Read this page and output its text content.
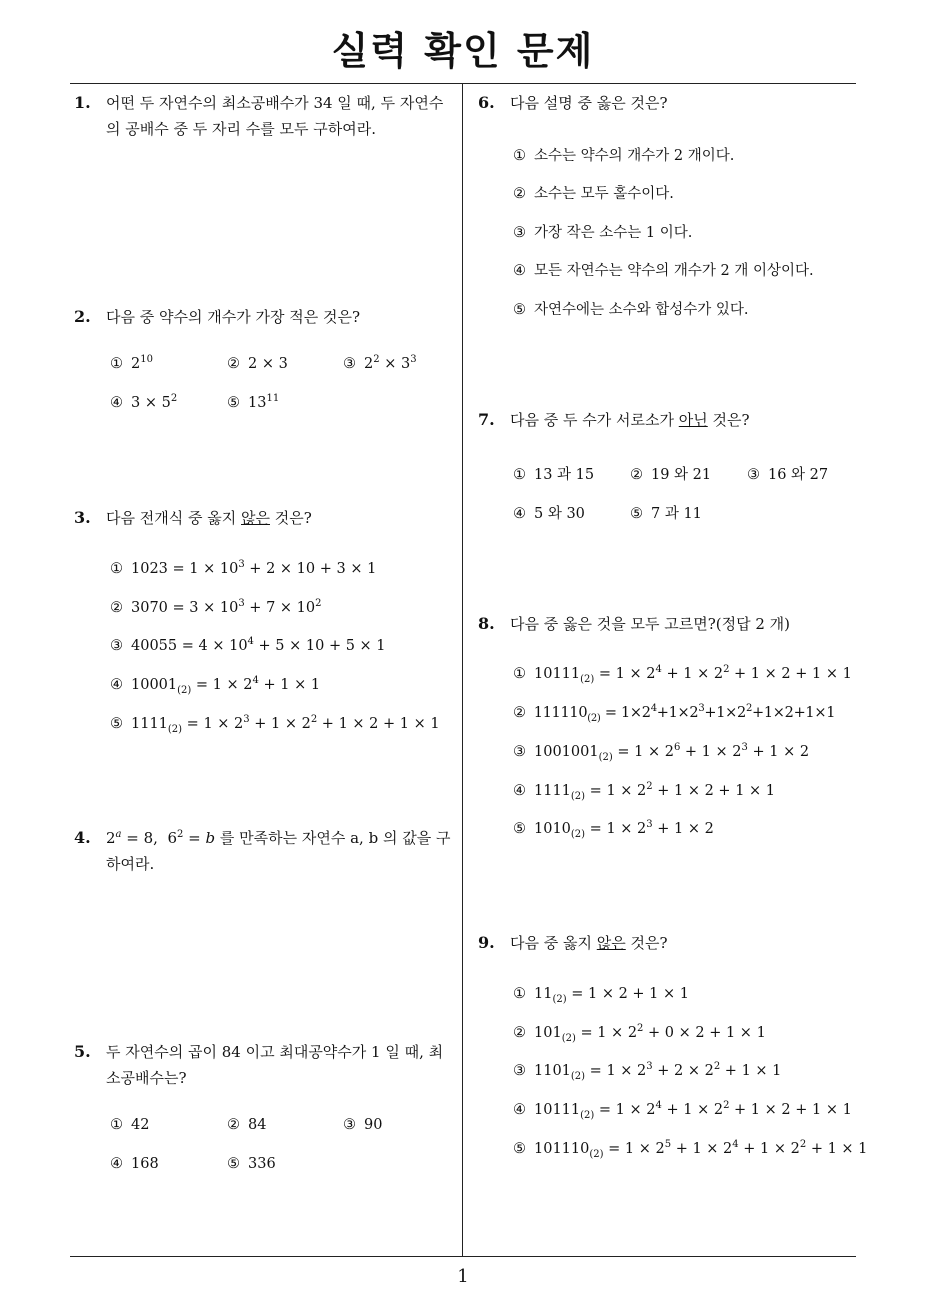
실력 확인 문제
1
1. 어떤 두 자연수의 최소공배수가 34 일 때, 두 자연수의 공배수 중 두 자리 수를 모두 구하여라.
2. 다음 중 약수의 개수가 가장 적은 것은?
① $2^{10}$	② 2 × 3	③ $2^2 \times 3^3$
④ $3 \times 5^2$	⑤ $13^{11}$
3. 다음 전개식 중 옳지 않은 것은?
① $1023 = 1 \times 10^3 + 2 \times 10 + 3 \times 1$
② $3070 = 3 \times 10^3 + 7 \times 10^2$
③ $40055 = 4 \times 10^4 + 5 \times 10 + 5 \times 1$
④ $10001_{(2)} = 1 \times 2^4 + 1 \times 1$
⑤ $1111_{(2)} = 1 \times 2^3 + 1 \times 2^2 + 1 \times 2 + 1 \times 1$
4. $2^a = 8$,  $6^2 = b$ 를 만족하는 자연수 a, b 의 값을 구하여라.
5. 두 자연수의 곱이 84 이고 최대공약수가 1 일 때, 최소공배수는?
① 42	② 84	③ 90
④ 168	⑤ 336
6. 다음 설명 중 옳은 것은?
① 소수는 약수의 개수가 2 개이다.
② 소수는 모두 홀수이다.
③ 가장 작은 소수는 1 이다.
④ 모든 자연수는 약수의 개수가 2 개 이상이다.
⑤ 자연수에는 소수와 합성수가 있다.
7. 다음 중 두 수가 서로소가 아닌 것은?
① 13 과 15 ② 19 와 21 ③ 16 와 27
④ 5 와 30	⑤ 7 과 11
8. 다음 중 옳은 것을 모두 고르면?(정답 2 개)
① $10111_{(2)} = 1 \times 2^4 + 1 \times 2^2 + 1 \times 2 + 1 \times 1$
② $111110_{(2)} = 1\times 2^4+1\times 2^3+1\times 2^2+1\times 2+1\times 1$
③ $1001001_{(2)} = 1 \times 2^6 + 1 \times 2^3 + 1 \times 2$
④ $1111_{(2)} = 1 \times 2^2 + 1 \times 2 + 1 \times 1$
⑤ $1010_{(2)} = 1 \times 2^3 + 1 \times 2$
9. 다음 중 옳지 않은 것은?
① $11_{(2)} = 1 \times 2 + 1 \times 1$
② $101_{(2)} = 1 \times 2^2 + 0 \times 2 + 1 \times 1$
③ $1101_{(2)} = 1 \times 2^3 + 2 \times 2^2 + 1 \times 1$
④ $10111_{(2)} = 1 \times 2^4 + 1 \times 2^2 + 1 \times 2 + 1 \times 1$
⑤ $101110_{(2)} = 1 \times 2^5 + 1 \times 2^4 + 1 \times 2^2 + 1 \times 1$
